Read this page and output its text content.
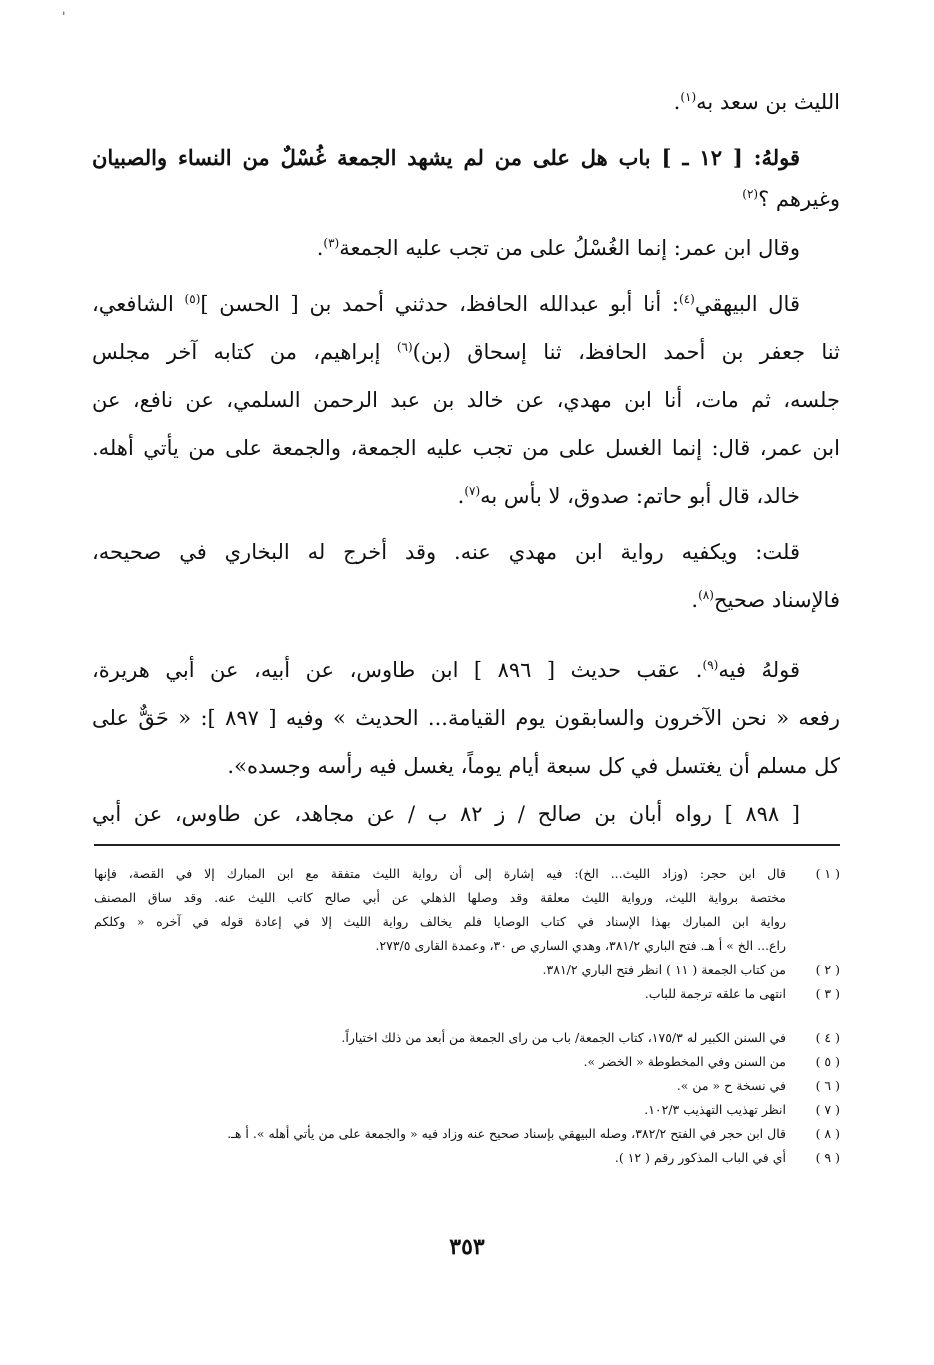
'
الليث بن سعد به$^{(١)}$.
قولهُ: [ ١٢ ـ ] باب هل على من لم يشهد الجمعة غُسْلٌ من النساء والصبيان
وغيرهم ؟$^{(٢)}$
وقال ابن عمر: إنما الغُسْلُ على من تجب عليه الجمعة$^{(٣)}$.
قال البيهقي$^{(٤)}$: أنا أبو عبدالله الحافظ، حدثني أحمد بن [ الحسن ]$^{(٥)}$ الشافعي،
ثنا جعفر بن أحمد الحافظ، ثنا إسحاق (بن)$^{(٦)}$ إبراهيم، من كتابه آخر مجلس
جلسه، ثم مات، أنا ابن مهدي، عن خالد بن عبد الرحمن السلمي، عن نافع، عن
ابن عمر، قال: إنما الغسل على من تجب عليه الجمعة، والجمعة على من يأتي أهله.
خالد، قال أبو حاتم: صدوق، لا بأس به$^{(٧)}$.
قلت: ويكفيه رواية ابن مهدي عنه. وقد أخرج له البخاري في صحيحه،
فالإسناد صحيح$^{(٨)}$.
قولهُ فيه$^{(٩)}$. عقب حديث [ ٨٩٦ ] ابن طاوس، عن أبيه، عن أبي هريرة،
رفعه « نحن الآخرون والسابقون يوم القيامة... الحديث » وفيه [ ٨٩٧ ]: « حَقٌّ على
كل مسلم أن يغتسل في كل سبعة أيام يوماً، يغسل فيه رأسه وجسده».
[ ٨٩٨ ] رواه أبان بن صالح / ز ٨٢ ب / عن مجاهد، عن طاوس، عن أبي
( ١ )
قال ابن حجر: (وزاد الليث... الخ): فيه إشارة إلى أن رواية الليث متفقة مع ابن المبارك إلا في القصة، فإنها
مختصة برواية الليث، ورواية الليث معلقة وقد وصلها الذهلي عن أبي صالح كاتب الليث عنه. وقد ساق المصنف
رواية ابن المبارك بهذا الإسناد في كتاب الوصايا فلم يخالف رواية الليث إلا في إعادة قوله في آخره « وكلكم
راع... الخ » أ هـ. فتح الباري ٣٨١/٢، وهدي الساري ص ٣٠، وعمدة القارى ٢٧٣/٥.
( ٢ )
من كتاب الجمعة ( ١١ ) انظر فتح الباري ٣٨١/٢.
( ٣ )
انتهى ما علقه ترجمة للباب.
( ٤ )
في السنن الكبير له ١٧٥/٣، كتاب الجمعة/ باب من راى الجمعة من أبعد من ذلك اختياراً.
( ٥ )
من السنن وفي المخطوطة « الخضر ».
( ٦ )
في نسخة ح « من ».
( ٧ )
انظر تهذيب التهذيب ١٠٢/٣.
( ٨ )
قال ابن حجر في الفتح ٣٨٢/٢، وصله البيهقي بإسناد صحيح عنه وزاد فيه « والجمعة على من يأتي أهله ». أ هـ.
( ٩ )
أي في الباب المذكور رقم ( ١٢ ).
٣٥٣
